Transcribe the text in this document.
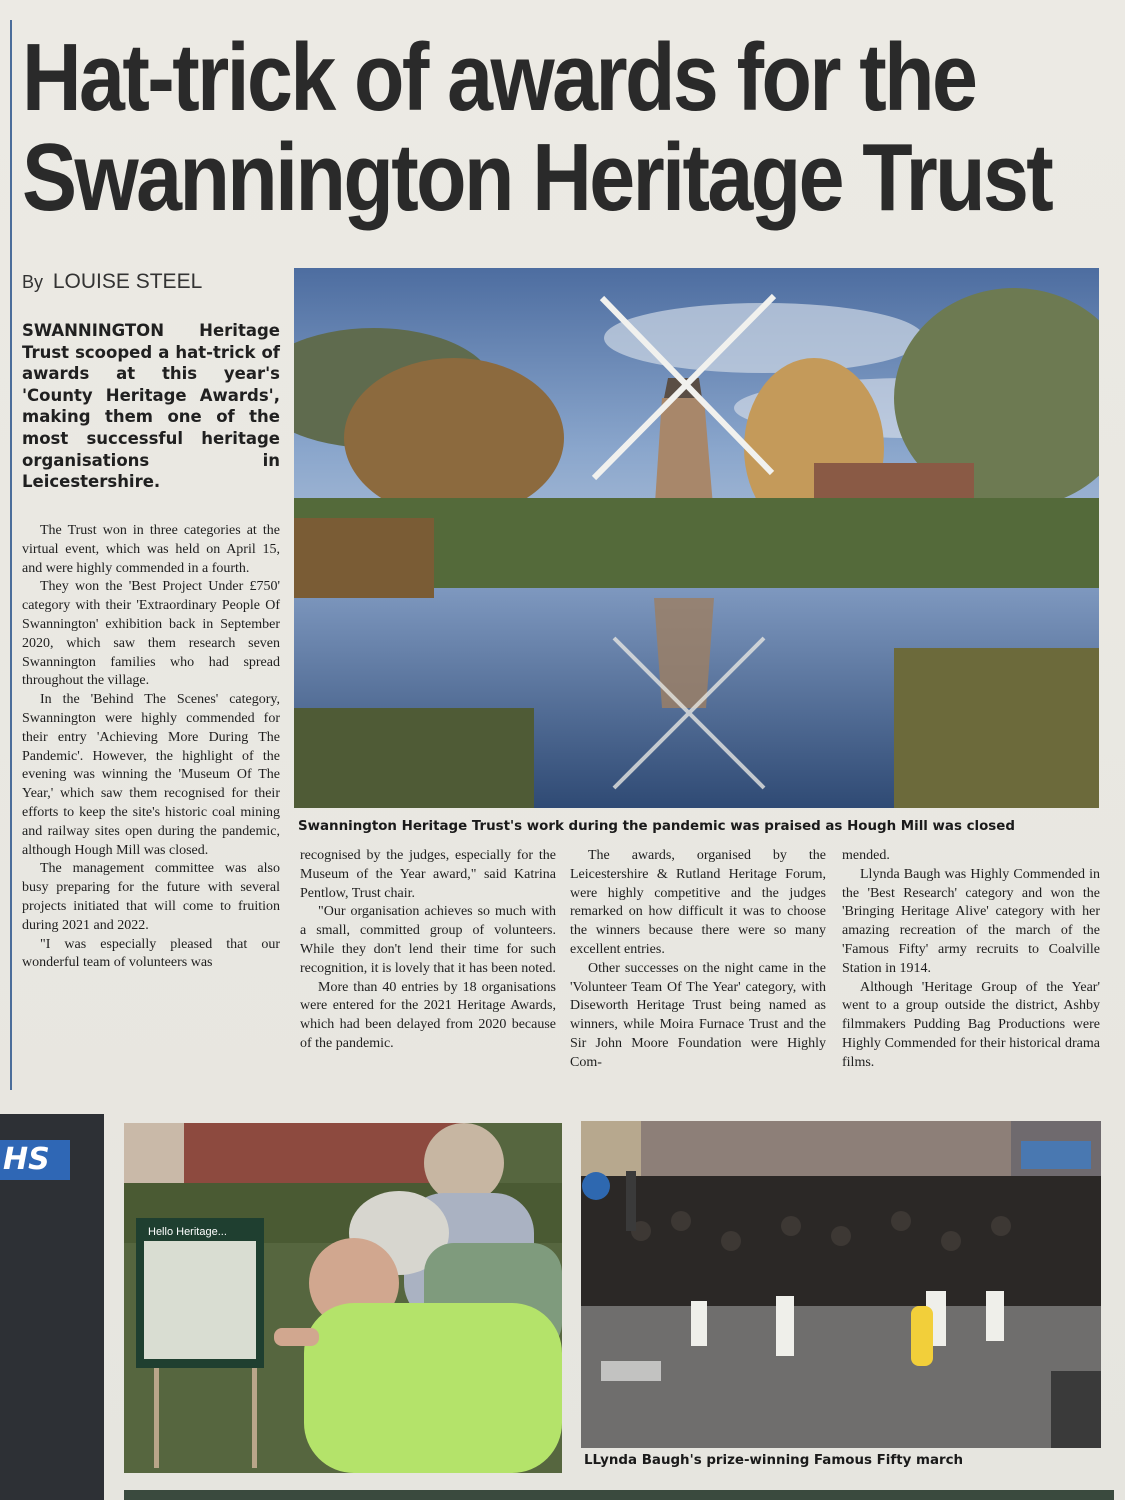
Hat-trick of awards for the
Swannington Heritage Trust
By LOUISE STEEL
SWANNINGTON Heritage Trust scooped a hat-trick of awards at this year's 'County Heritage Awards', making them one of the most successful heritage organisations in Leicestershire.

The Trust won in three categories at the virtual event, which was held on April 15, and were highly commended in a fourth.

They won the 'Best Project Under £750' category with their 'Extraordinary People Of Swannington' exhibition back in September 2020, which saw them research seven Swannington families who had spread throughout the village.

In the 'Behind The Scenes' category, Swannington were highly commended for their entry 'Achieving More During The Pandemic'. However, the highlight of the evening was winning the 'Museum Of The Year,' which saw them recognised for their efforts to keep the site's historic coal mining and railway sites open during the pandemic, although Hough Mill was closed.

The management committee was also busy preparing for the future with several projects initiated that will come to fruition during 2021 and 2022.

"I was especially pleased that our wonderful team of volunteers was

Swannington Heritage Trust's work during the pandemic was praised as Hough Mill was closed

recognised by the judges, especially for the Museum of the Year award," said Katrina Pentlow, Trust chair.

"Our organisation achieves so much with a small, committed group of volunteers. While they don't lend their time for such recognition, it is lovely that it has been noted.

More than 40 entries by 18 organisations were entered for the 2021 Heritage Awards, which had been delayed from 2020 because of the pandemic.

The awards, organised by the Leicestershire & Rutland Heritage Forum, were highly competitive and the judges remarked on how difficult it was to choose the winners because there were so many excellent entries.

Other successes on the night came in the 'Volunteer Team Of The Year' category, with Diseworth Heritage Trust being named as winners, while Moira Furnace Trust and the Sir John Moore Foundation were Highly Com-

mended.

Llynda Baugh was Highly Commended in the 'Best Research' category and won the 'Bringing Heritage Alive' category with her amazing recreation of the march of the 'Famous Fifty' army recruits to Coalville Station in 1914.

Although 'Heritage Group of the Year' went to a group outside the district, Ashby filmmakers Pudding Bag Productions were Highly Commended for their historical drama films.

HS
Hello Heritage...
LLynda Baugh's prize-winning Famous Fifty march
